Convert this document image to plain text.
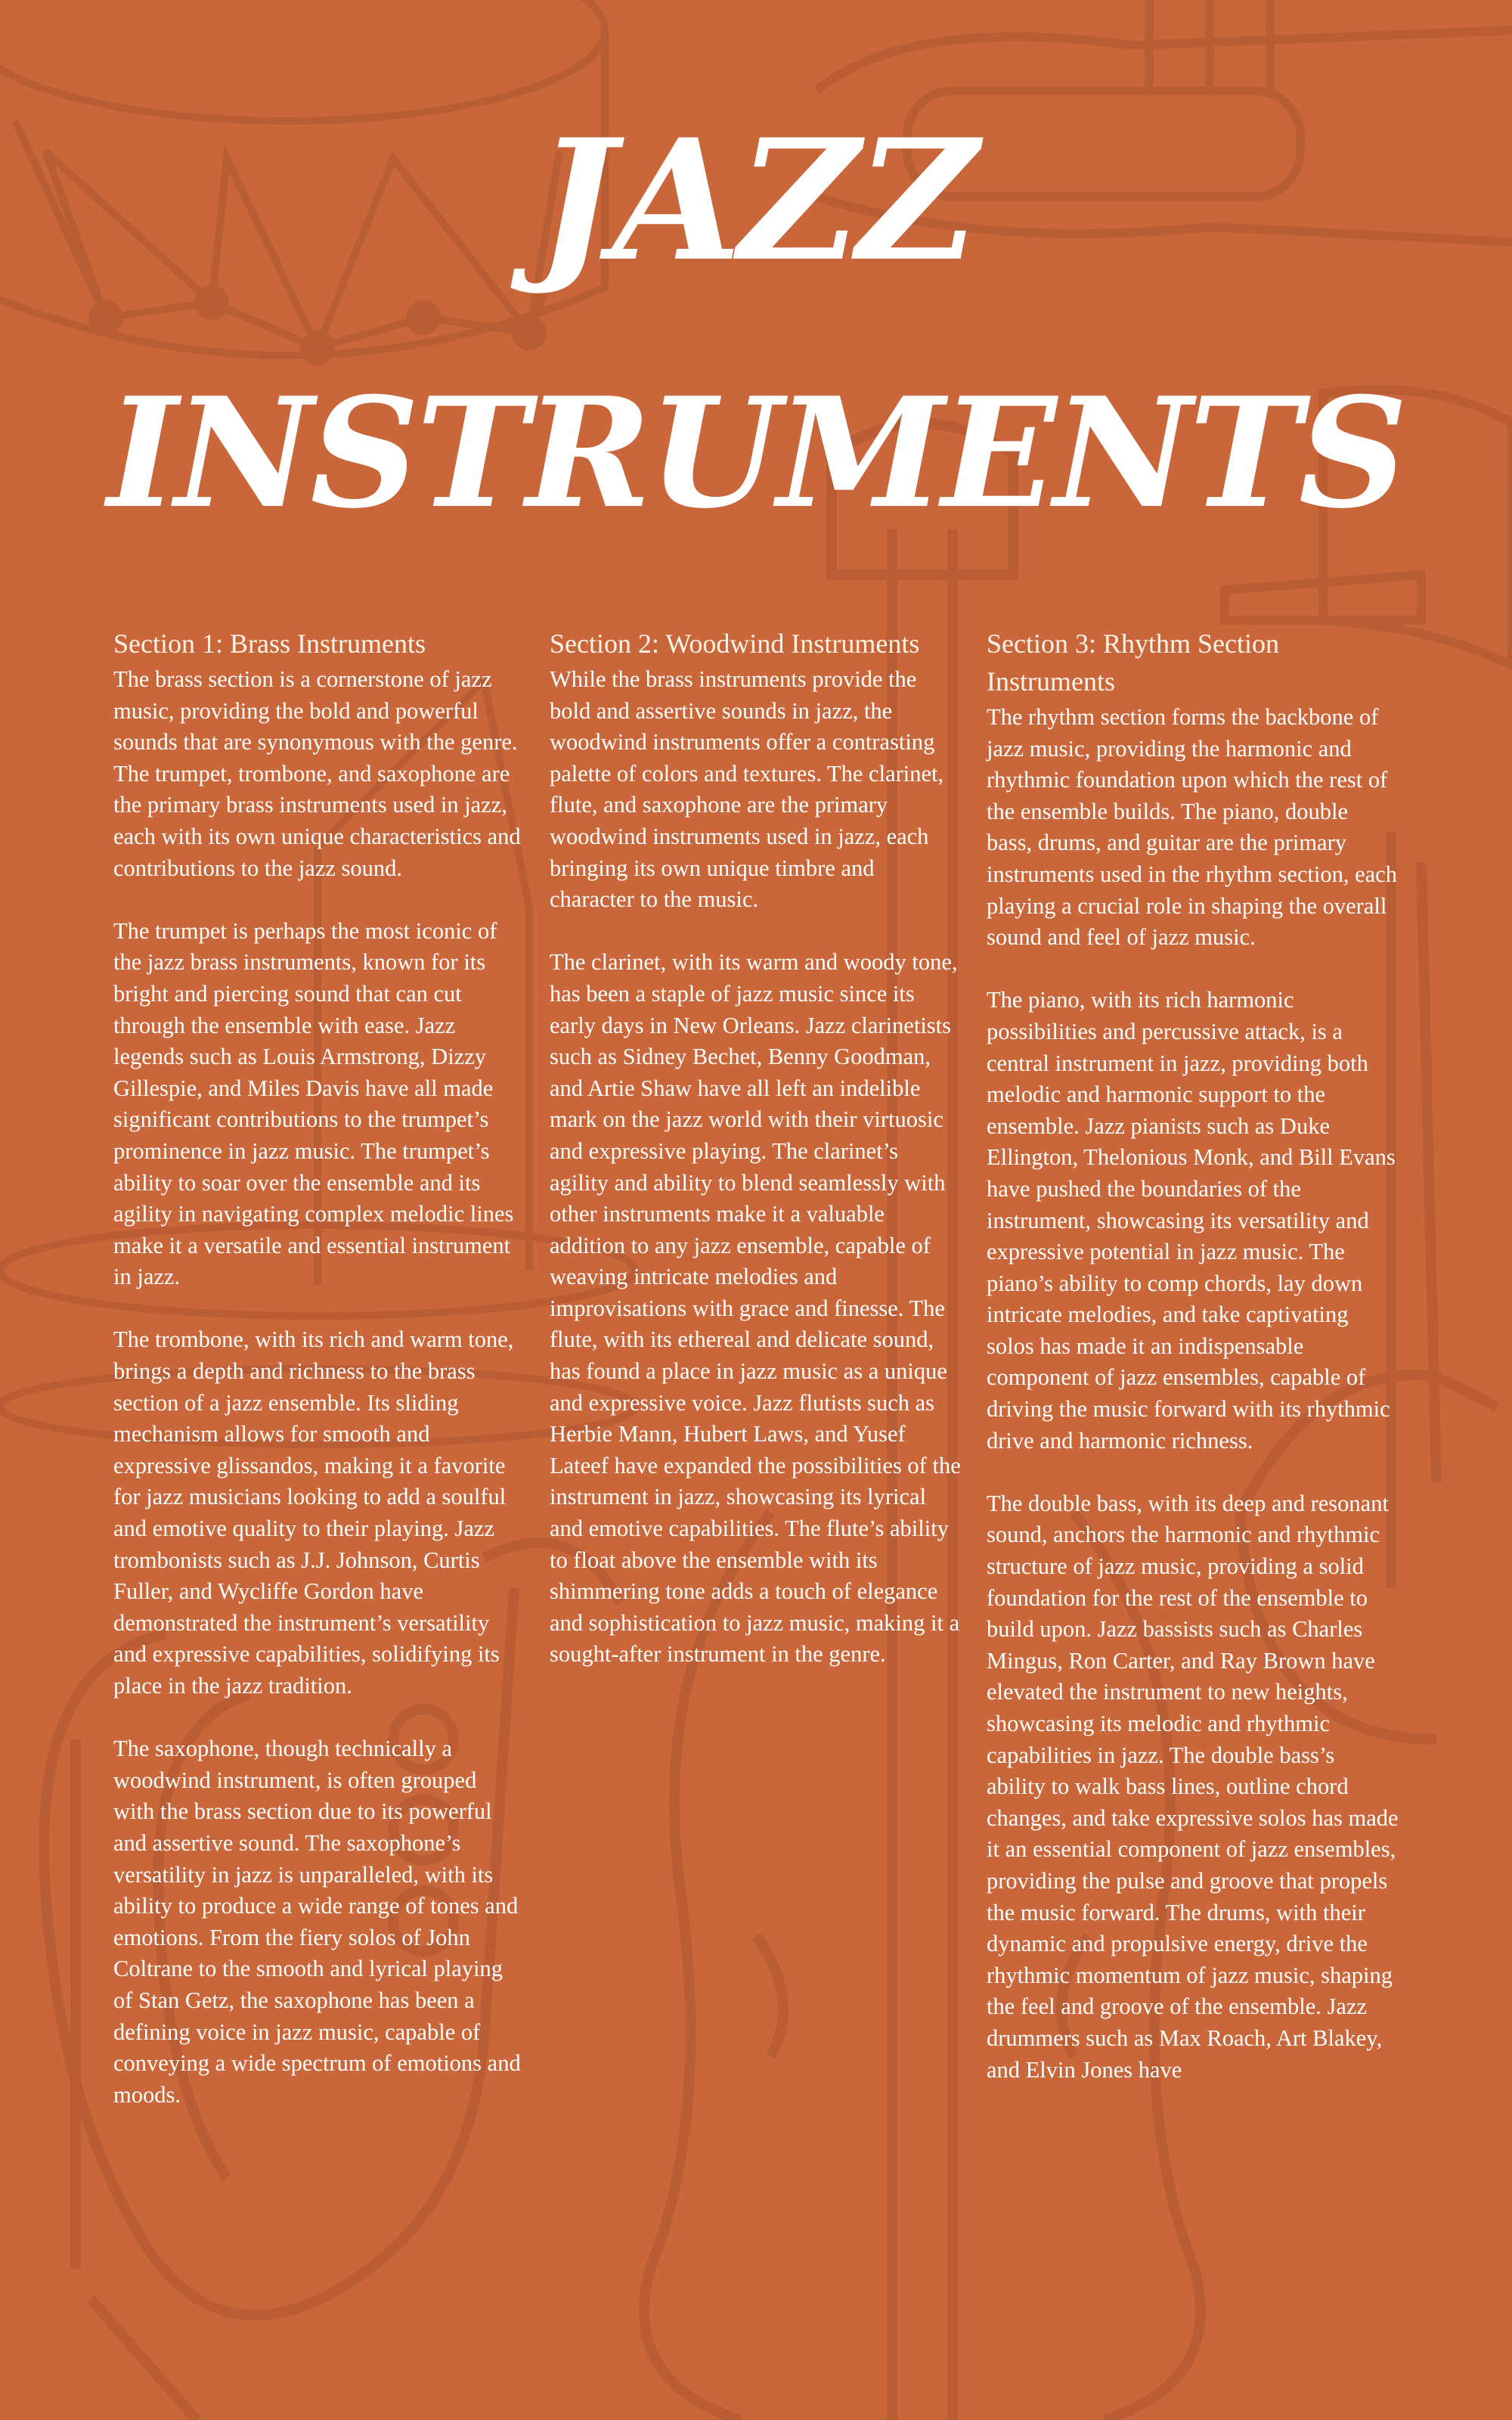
JAZZ
INSTRUMENTS
Section 1: Brass Instruments

The brass section is a cornerstone of jazz music, providing the bold and powerful sounds that are synonymous with the genre. The trumpet, trombone, and saxophone are the primary brass instruments used in jazz, each with its own unique characteristics and contributions to the jazz sound.

The trumpet is perhaps the most iconic of the jazz brass instruments, known for its bright and piercing sound that can cut through the ensemble with ease. Jazz legends such as Louis Armstrong, Dizzy Gillespie, and Miles Davis have all made significant contributions to the trumpet’s prominence in jazz music. The trumpet’s ability to soar over the ensemble and its agility in navigating complex melodic lines make it a versatile and essential instrument in jazz.

The trombone, with its rich and warm tone, brings a depth and richness to the brass section of a jazz ensemble. Its sliding mechanism allows for smooth and expressive glissandos, making it a favorite for jazz musicians looking to add a soulful and emotive quality to their playing. Jazz trombonists such as J.J. Johnson, Curtis Fuller, and Wycliffe Gordon have demonstrated the instrument’s versatility and expressive capabilities, solidifying its place in the jazz tradition.

The saxophone, though technically a woodwind instrument, is often grouped with the brass section due to its powerful and assertive sound. The saxophone’s versatility in jazz is unparalleled, with its ability to produce a wide range of tones and emotions. From the fiery solos of John Coltrane to the smooth and lyrical playing of Stan Getz, the saxophone has been a defining voice in jazz music, capable of conveying a wide spectrum of emotions and moods.

Section 2: Woodwind Instruments

While the brass instruments provide the bold and assertive sounds in jazz, the woodwind instruments offer a contrasting palette of colors and textures. The clarinet, flute, and saxophone are the primary woodwind instruments used in jazz, each bringing its own unique timbre and character to the music.

The clarinet, with its warm and woody tone, has been a staple of jazz music since its early days in New Orleans. Jazz clarinetists such as Sidney Bechet, Benny Goodman, and Artie Shaw have all left an indelible mark on the jazz world with their virtuosic and expressive playing. The clarinet’s agility and ability to blend seamlessly with other instruments make it a valuable addition to any jazz ensemble, capable of weaving intricate melodies and improvisations with grace and finesse. The flute, with its ethereal and delicate sound, has found a place in jazz music as a unique and expressive voice. Jazz flutists such as Herbie Mann, Hubert Laws, and Yusef Lateef have expanded the possibilities of the instrument in jazz, showcasing its lyrical and emotive capabilities. The flute’s ability to float above the ensemble with its shimmering tone adds a touch of elegance and sophistication to jazz music, making it a sought-after instrument in the genre.

Section 3: Rhythm Section Instruments

The rhythm section forms the backbone of jazz music, providing the harmonic and rhythmic foundation upon which the rest of the ensemble builds. The piano, double bass, drums, and guitar are the primary instruments used in the rhythm section, each playing a crucial role in shaping the overall sound and feel of jazz music.

The piano, with its rich harmonic possibilities and percussive attack, is a central instrument in jazz, providing both melodic and harmonic support to the ensemble. Jazz pianists such as Duke Ellington, Thelonious Monk, and Bill Evans have pushed the boundaries of the instrument, showcasing its versatility and expressive potential in jazz music. The piano’s ability to comp chords, lay down intricate melodies, and take captivating solos has made it an indispensable component of jazz ensembles, capable of driving the music forward with its rhythmic drive and harmonic richness.

The double bass, with its deep and resonant sound, anchors the harmonic and rhythmic structure of jazz music, providing a solid foundation for the rest of the ensemble to build upon. Jazz bassists such as Charles Mingus, Ron Carter, and Ray Brown have elevated the instrument to new heights, showcasing its melodic and rhythmic capabilities in jazz. The double bass’s ability to walk bass lines, outline chord changes, and take expressive solos has made it an essential component of jazz ensembles, providing the pulse and groove that propels the music forward. The drums, with their dynamic and propulsive energy, drive the rhythmic momentum of jazz music, shaping the feel and groove of the ensemble. Jazz drummers such as Max Roach, Art Blakey, and Elvin Jones have
